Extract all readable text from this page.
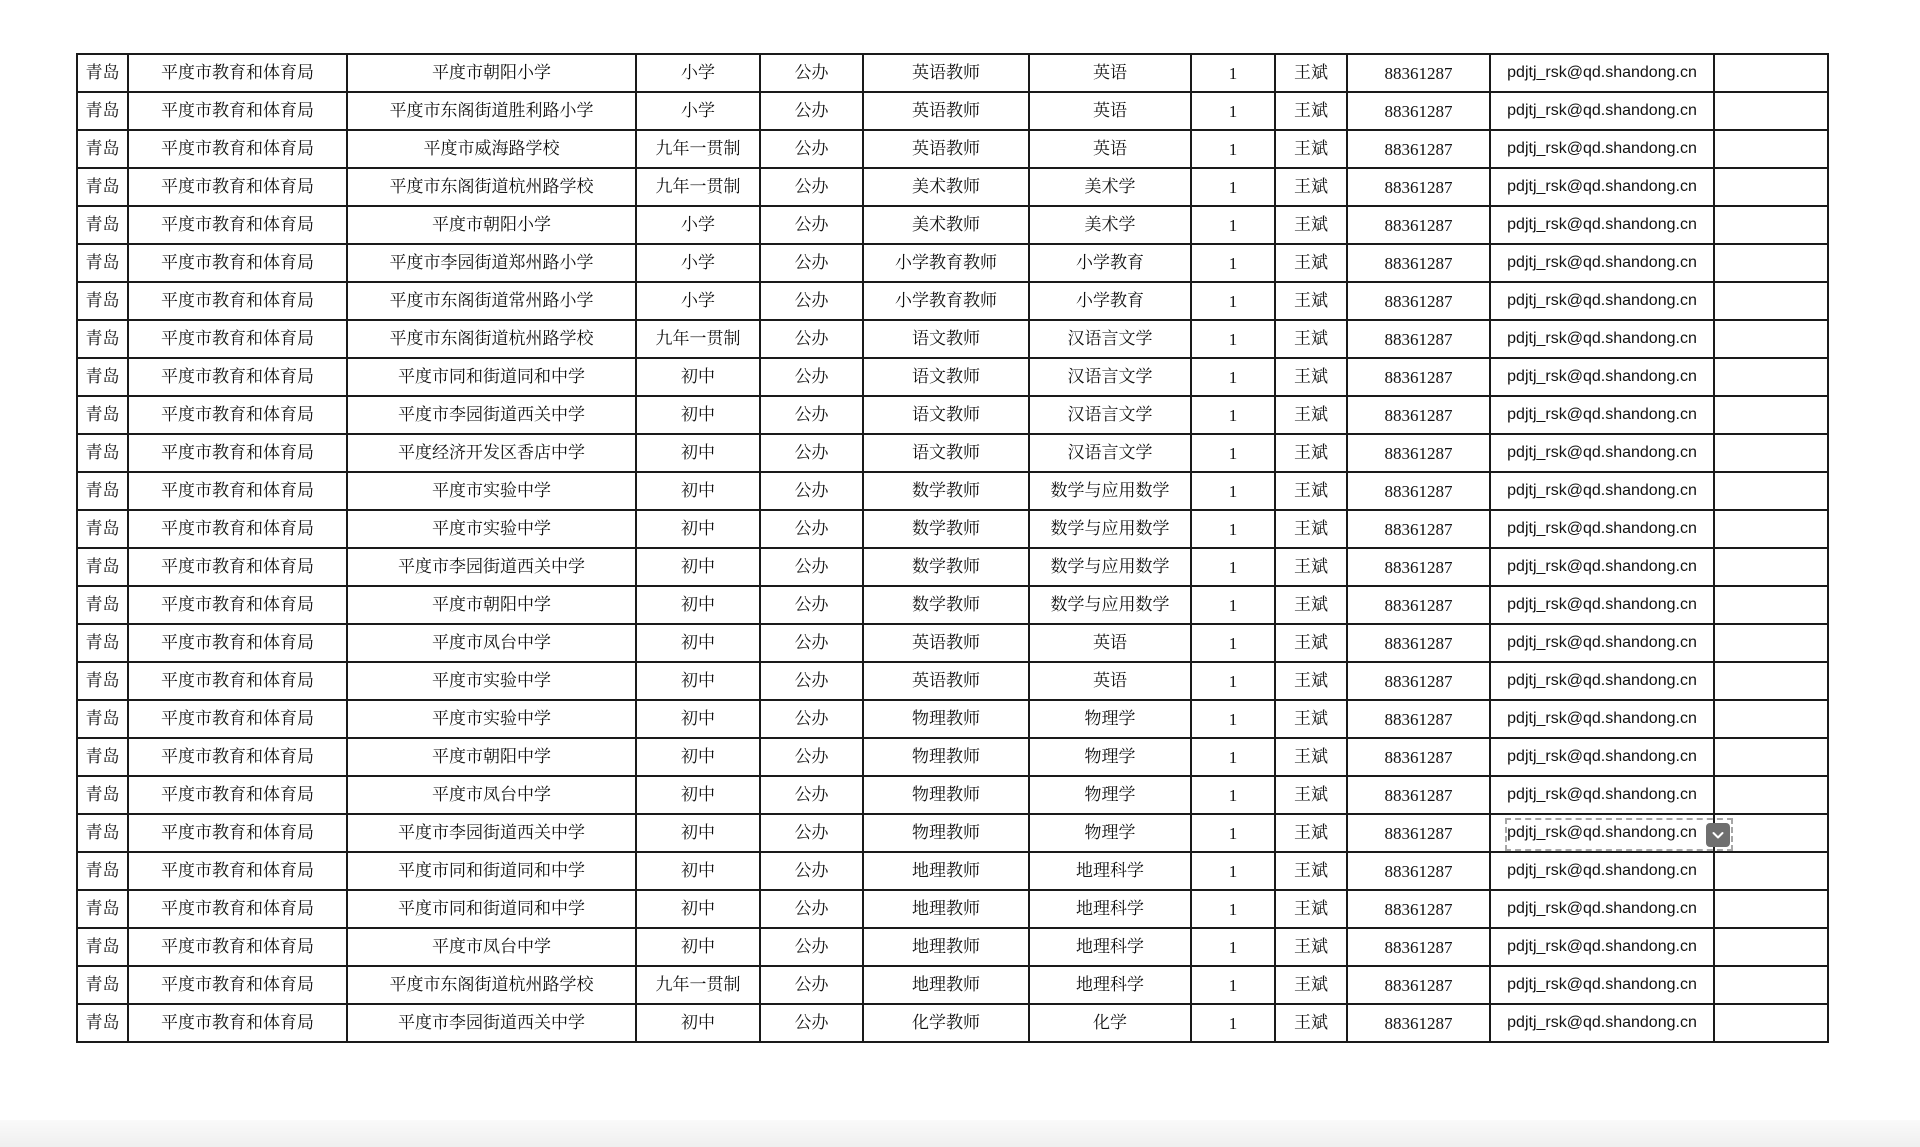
青岛	平度市教育和体育局	平度市朝阳小学	小学	公办	英语教师	英语	1	王斌	88361287	pdjtj_rsk@qd.shandong.cn	
青岛	平度市教育和体育局	平度市东阁街道胜利路小学	小学	公办	英语教师	英语	1	王斌	88361287	pdjtj_rsk@qd.shandong.cn	
青岛	平度市教育和体育局	平度市威海路学校	九年一贯制	公办	英语教师	英语	1	王斌	88361287	pdjtj_rsk@qd.shandong.cn	
青岛	平度市教育和体育局	平度市东阁街道杭州路学校	九年一贯制	公办	美术教师	美术学	1	王斌	88361287	pdjtj_rsk@qd.shandong.cn	
青岛	平度市教育和体育局	平度市朝阳小学	小学	公办	美术教师	美术学	1	王斌	88361287	pdjtj_rsk@qd.shandong.cn	
青岛	平度市教育和体育局	平度市李园街道郑州路小学	小学	公办	小学教育教师	小学教育	1	王斌	88361287	pdjtj_rsk@qd.shandong.cn	
青岛	平度市教育和体育局	平度市东阁街道常州路小学	小学	公办	小学教育教师	小学教育	1	王斌	88361287	pdjtj_rsk@qd.shandong.cn	
青岛	平度市教育和体育局	平度市东阁街道杭州路学校	九年一贯制	公办	语文教师	汉语言文学	1	王斌	88361287	pdjtj_rsk@qd.shandong.cn	
青岛	平度市教育和体育局	平度市同和街道同和中学	初中	公办	语文教师	汉语言文学	1	王斌	88361287	pdjtj_rsk@qd.shandong.cn	
青岛	平度市教育和体育局	平度市李园街道西关中学	初中	公办	语文教师	汉语言文学	1	王斌	88361287	pdjtj_rsk@qd.shandong.cn	
青岛	平度市教育和体育局	平度经济开发区香店中学	初中	公办	语文教师	汉语言文学	1	王斌	88361287	pdjtj_rsk@qd.shandong.cn	
青岛	平度市教育和体育局	平度市实验中学	初中	公办	数学教师	数学与应用数学	1	王斌	88361287	pdjtj_rsk@qd.shandong.cn	
青岛	平度市教育和体育局	平度市实验中学	初中	公办	数学教师	数学与应用数学	1	王斌	88361287	pdjtj_rsk@qd.shandong.cn	
青岛	平度市教育和体育局	平度市李园街道西关中学	初中	公办	数学教师	数学与应用数学	1	王斌	88361287	pdjtj_rsk@qd.shandong.cn	
青岛	平度市教育和体育局	平度市朝阳中学	初中	公办	数学教师	数学与应用数学	1	王斌	88361287	pdjtj_rsk@qd.shandong.cn	
青岛	平度市教育和体育局	平度市凤台中学	初中	公办	英语教师	英语	1	王斌	88361287	pdjtj_rsk@qd.shandong.cn	
青岛	平度市教育和体育局	平度市实验中学	初中	公办	英语教师	英语	1	王斌	88361287	pdjtj_rsk@qd.shandong.cn	
青岛	平度市教育和体育局	平度市实验中学	初中	公办	物理教师	物理学	1	王斌	88361287	pdjtj_rsk@qd.shandong.cn	
青岛	平度市教育和体育局	平度市朝阳中学	初中	公办	物理教师	物理学	1	王斌	88361287	pdjtj_rsk@qd.shandong.cn	
青岛	平度市教育和体育局	平度市凤台中学	初中	公办	物理教师	物理学	1	王斌	88361287	pdjtj_rsk@qd.shandong.cn	
青岛	平度市教育和体育局	平度市李园街道西关中学	初中	公办	物理教师	物理学	1	王斌	88361287	pdjtj_rsk@qd.shandong.cn

青岛	平度市教育和体育局	平度市同和街道同和中学	初中	公办	地理教师	地理科学	1	王斌	88361287	pdjtj_rsk@qd.shandong.cn	
青岛	平度市教育和体育局	平度市同和街道同和中学	初中	公办	地理教师	地理科学	1	王斌	88361287	pdjtj_rsk@qd.shandong.cn	
青岛	平度市教育和体育局	平度市凤台中学	初中	公办	地理教师	地理科学	1	王斌	88361287	pdjtj_rsk@qd.shandong.cn	
青岛	平度市教育和体育局	平度市东阁街道杭州路学校	九年一贯制	公办	地理教师	地理科学	1	王斌	88361287	pdjtj_rsk@qd.shandong.cn	
青岛	平度市教育和体育局	平度市李园街道西关中学	初中	公办	化学教师	化学	1	王斌	88361287	pdjtj_rsk@qd.shandong.cn	
